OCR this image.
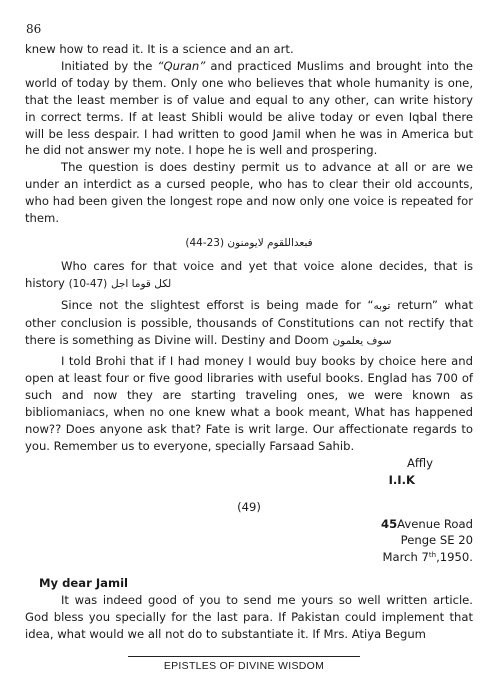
86

knew how to read it. It is a science and an art.

Initiated by the “Quran” and practiced Muslims and brought into the world of today by them. Only one who believes that whole humanity is one, that the least member is of value and equal to any other, can write history in correct terms. If at least Shibli would be alive today or even Iqbal there will be less despair. I had written to good Jamil when he was in America but he did not answer my note. I hope he is well and prospering.

The question is does destiny permit us to advance at all or are we under an interdict as a cursed people, who has to clear their old accounts, who had been given the longest rope and now only one voice is repeated for them.

فبعداللقوم لايومنون (23-44)

Who cares for that voice and yet that voice alone decides, that is history (10-47) لكل قوما اجل

Since not the slightest efforst is being made for “توبه return” what other conclusion is possible, thousands of Constitutions can not rectify that there is something as Divine will. Destiny and Doom سوف يعلمون

I told Brohi that if I had money I would buy books by choice here and open at least four or five good libraries with useful books. Englad has 700 of such and now they are starting traveling ones, we were known as bibliomaniacs, when no one knew what a book meant, What has happened now?? Does anyone ask that? Fate is writ large. Our affectionate regards to you. Remember us to everyone, specially Farsaad Sahib.

Affly

I.I.K

(49)

45Avenue Road
Penge SE 20
March 7th,1950.

My dear Jamil

It was indeed good of you to send me yours so well written article. God bless you specially for the last para. If Pakistan could implement that idea, what would we all not do to substantiate it. If Mrs. Atiya Begum

EPISTLES OF DIVINE WISDOM
